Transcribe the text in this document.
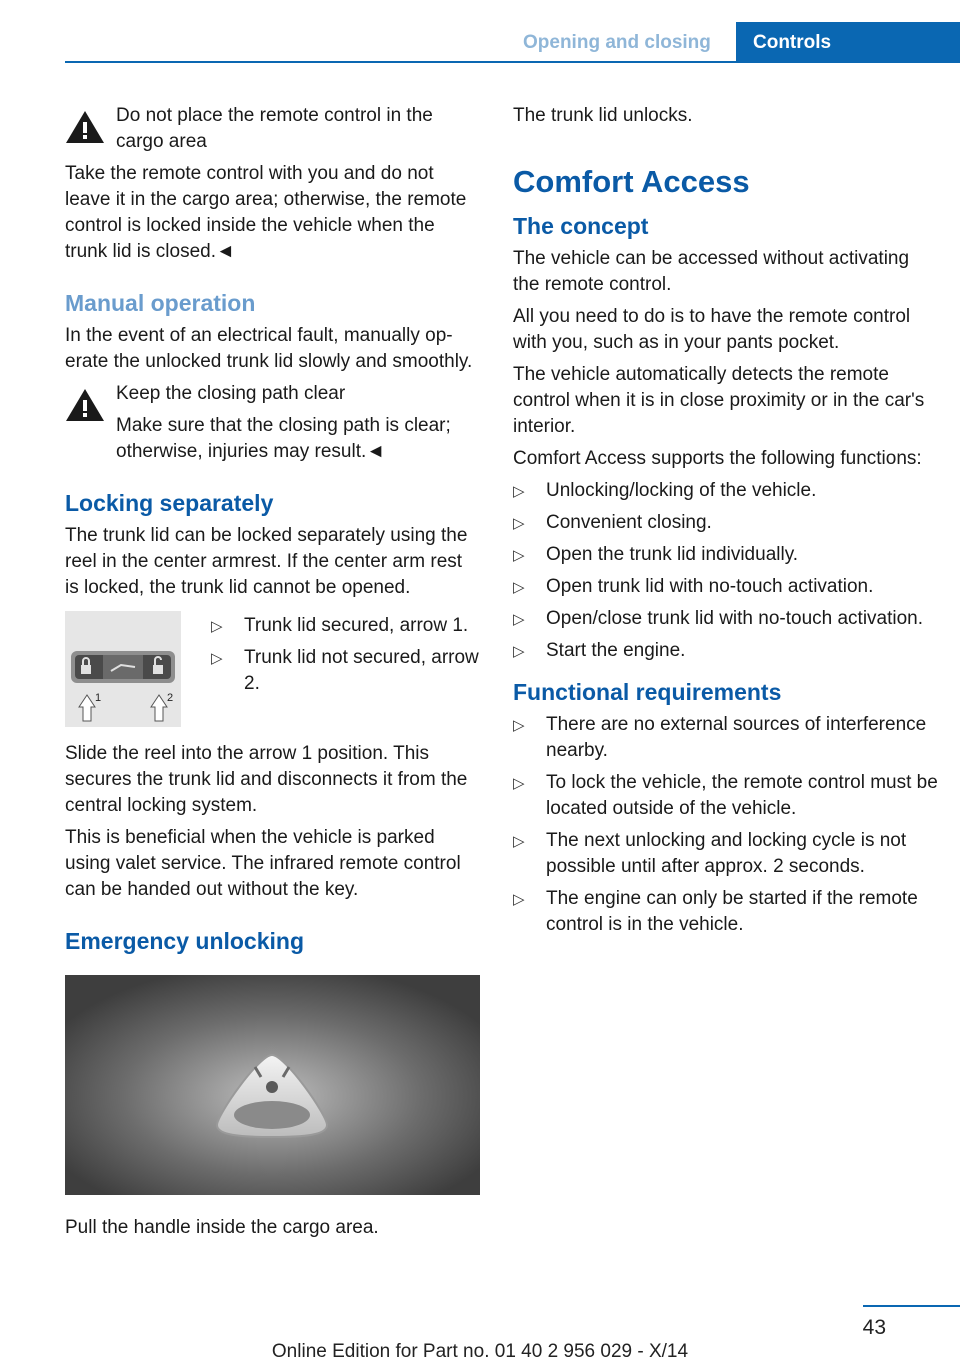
Opening and closing	Controls
Do not place the remote control in the cargo area

Take the remote control with you and do not leave it in the cargo area; otherwise, the remote control is locked inside the vehicle when the trunk lid is closed.◄

Manual operation

In the event of an electrical fault, manually operate the unlocked trunk lid slowly and smoothly.

Keep the closing path clear

Make sure that the closing path is clear; otherwise, injuries may result.◄

Locking separately

The trunk lid can be locked separately using the reel in the center armrest. If the center arm rest is locked, the trunk lid cannot be opened.

1	2
▷ Trunk lid secured, arrow 1.
▷ Trunk lid not secured, arrow 2.

Slide the reel into the arrow 1 position. This secures the trunk lid and disconnects it from the central locking system.

This is beneficial when the vehicle is parked using valet service. The infrared remote control can be handed out without the key.

Emergency unlocking

Pull the handle inside the cargo area.

The trunk lid unlocks.

Comfort Access
The concept

The vehicle can be accessed without activating the remote control.

All you need to do is to have the remote control with you, such as in your pants pocket.

The vehicle automatically detects the remote control when it is in close proximity or in the car's interior.

Comfort Access supports the following functions:

▷ Unlocking/locking of the vehicle.
▷ Convenient closing.
▷ Open the trunk lid individually.
▷ Open trunk lid with no-touch activation.
▷ Open/close trunk lid with no-touch activation.
▷ Start the engine.
Functional requirements
▷ There are no external sources of interference nearby.
▷ To lock the vehicle, the remote control must be located outside of the vehicle.
▷ The next unlocking and locking cycle is not possible until after approx. 2 seconds.
▷ The engine can only be started if the remote control is in the vehicle.
43
Online Edition for Part no. 01 40 2 956 029 - X/14
